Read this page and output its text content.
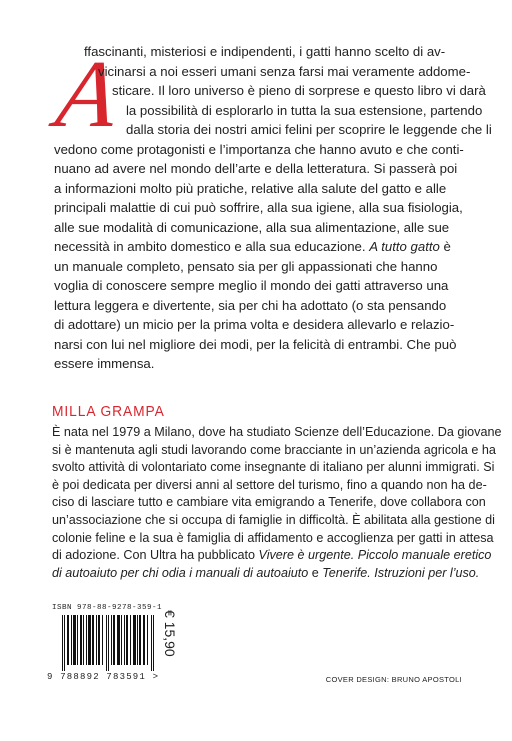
A
ffascinanti, misteriosi e indipendenti, i gatti hanno scelto di av-
vicinarsi a noi esseri umani senza farsi mai veramente addome-
sticare. Il loro universo è pieno di sorprese e questo libro vi darà
la possibilità di esplorarlo in tutta la sua estensione, partendo
dalla storia dei nostri amici felini per scoprire le leggende che li
vedono come protagonisti e l’importanza che hanno avuto e che conti-
nuano ad avere nel mondo dell’arte e della letteratura. Si passerà poi
a informazioni molto più pratiche, relative alla salute del gatto e alle
principali malattie di cui può soffrire, alla sua igiene, alla sua fisiologia,
alle sue modalità di comunicazione, alla sua alimentazione, alle sue
necessità in ambito domestico e alla sua educazione. A tutto gatto è
un manuale completo, pensato sia per gli appassionati che hanno
voglia di conoscere sempre meglio il mondo dei gatti attraverso una
lettura leggera e divertente, sia per chi ha adottato (o sta pensando
di adottare) un micio per la prima volta e desidera allevarlo e relazio-
narsi con lui nel migliore dei modi, per la felicità di entrambi. Che può
essere immensa.
MILLA GRAMPA
È nata nel 1979 a Milano, dove ha studiato Scienze dell’Educazione. Da giovane
si è mantenuta agli studi lavorando come bracciante in un’azienda agricola e ha
svolto attività di volontariato come insegnante di italiano per alunni immigrati. Si
è poi dedicata per diversi anni al settore del turismo, fino a quando non ha de-
ciso di lasciare tutto e cambiare vita emigrando a Tenerife, dove collabora con
un’associazione che si occupa di famiglie in difficoltà. È abilitata alla gestione di
colonie feline e la sua è famiglia di affidamento e accoglienza per gatti in attesa
di adozione. Con Ultra ha pubblicato Vivere è urgente. Piccolo manuale eretico
di autoaiuto per chi odia i manuali di autoaiuto e Tenerife. Istruzioni per l’uso.
ISBN 978-88-9278-359-1
9 788892 783591 >
€ 15,90
COVER DESIGN: BRUNO APOSTOLI
